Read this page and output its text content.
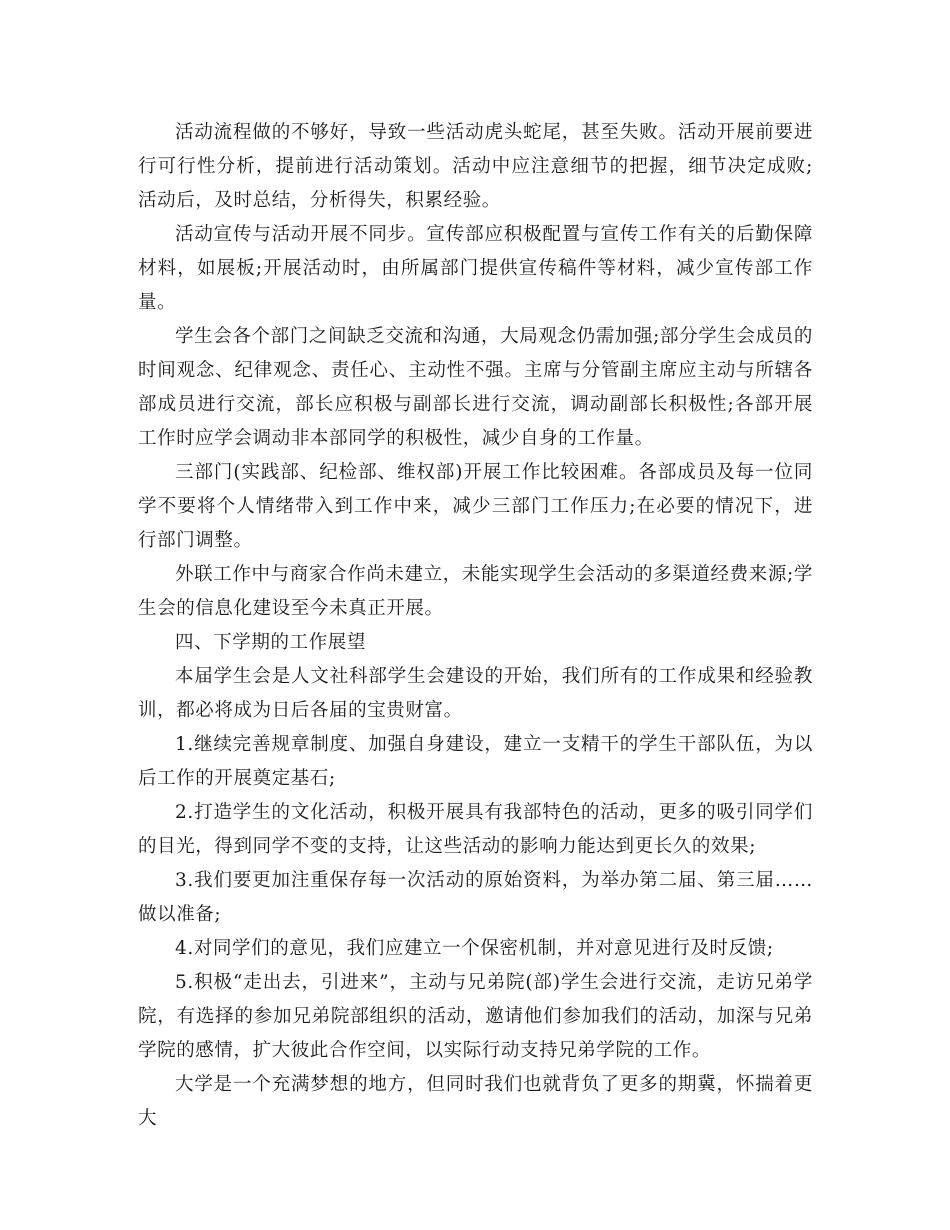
活动流程做的不够好，导致一些活动虎头蛇尾，甚至失败。活动开展前要进行可行性分析，提前进行活动策划。活动中应注意细节的把握，细节决定成败;活动后，及时总结，分析得失，积累经验。

活动宣传与活动开展不同步。宣传部应积极配置与宣传工作有关的后勤保障材料，如展板;开展活动时，由所属部门提供宣传稿件等材料，减少宣传部工作量。

学生会各个部门之间缺乏交流和沟通，大局观念仍需加强;部分学生会成员的时间观念、纪律观念、责任心、主动性不强。主席与分管副主席应主动与所辖各部成员进行交流，部长应积极与副部长进行交流，调动副部长积极性;各部开展工作时应学会调动非本部同学的积极性，减少自身的工作量。

三部门(实践部、纪检部、维权部)开展工作比较困难。各部成员及每一位同学不要将个人情绪带入到工作中来，减少三部门工作压力;在必要的情况下，进行部门调整。

外联工作中与商家合作尚未建立，未能实现学生会活动的多渠道经费来源;学生会的信息化建设至今未真正开展。

四、下学期的工作展望

本届学生会是人文社科部学生会建设的开始，我们所有的工作成果和经验教训，都必将成为日后各届的宝贵财富。

1.继续完善规章制度、加强自身建设，建立一支精干的学生干部队伍，为以后工作的开展奠定基石;

2.打造学生的文化活动，积极开展具有我部特色的活动，更多的吸引同学们的目光，得到同学不变的支持，让这些活动的影响力能达到更长久的效果;

3.我们要更加注重保存每一次活动的原始资料，为举办第二届、第三届……做以准备;

4.对同学们的意见，我们应建立一个保密机制，并对意见进行及时反馈;

5.积极“走出去，引进来”，主动与兄弟院(部)学生会进行交流，走访兄弟学院，有选择的参加兄弟院部组织的活动，邀请他们参加我们的活动，加深与兄弟学院的感情，扩大彼此合作空间，以实际行动支持兄弟学院的工作。

大学是一个充满梦想的地方，但同时我们也就背负了更多的期冀，怀揣着更大
